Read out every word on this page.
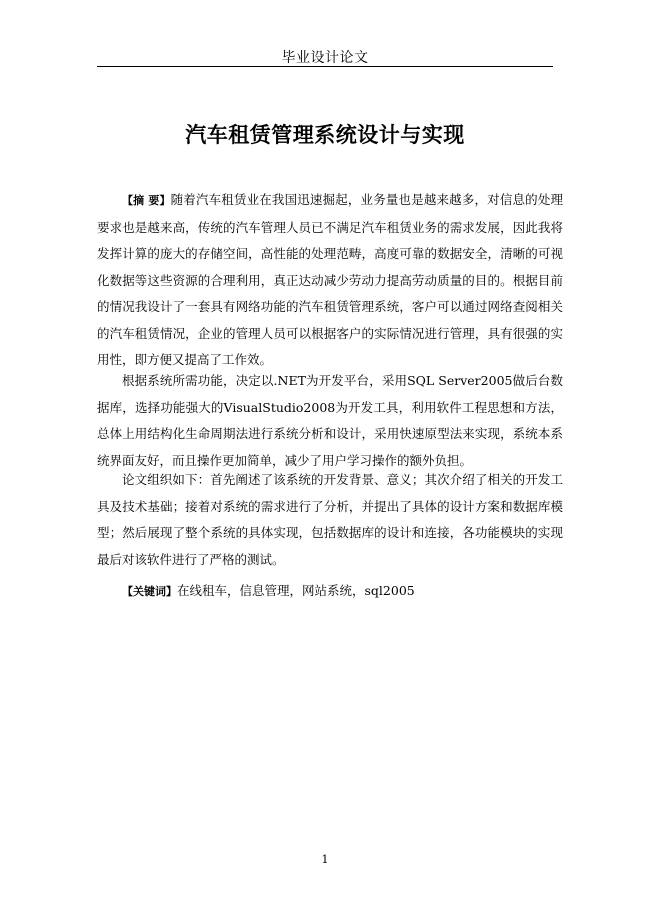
毕业设计论文
汽车租赁管理系统设计与实现
【摘 要】随着汽车租赁业在我国迅速掘起，业务量也是越来越多，对信息的处理要求也是越来高，传统的汽车管理人员已不满足汽车租赁业务的需求发展，因此我将发挥计算的庞大的存储空间，高性能的处理范畴，高度可靠的数据安全，清晰的可视化数据等这些资源的合理利用，真正达动减少劳动力提高劳动质量的目的。根据目前的情况我设计了一套具有网络功能的汽车租赁管理系统，客户可以通过网络查阅相关的汽车租赁情况，企业的管理人员可以根据客户的实际情况进行管理，具有很强的实用性，即方便又提高了工作效。
根据系统所需功能，决定以.NET为开发平台，采用SQL Server2005做后台数据库，选择功能强大的VisualStudio2008为开发工具，利用软件工程思想和方法，总体上用结构化生命周期法进行系统分析和设计，采用快速原型法来实现，系统本系统界面友好，而且操作更加简单，减少了用户学习操作的额外负担。
论文组织如下：首先阐述了该系统的开发背景、意义；其次介绍了相关的开发工具及技术基础；接着对系统的需求进行了分析，并提出了具体的设计方案和数据库模型；然后展现了整个系统的具体实现，包括数据库的设计和连接，各功能模块的实现 最后对该软件进行了严格的测试。
【关键词】在线租车，信息管理，网站系统，sql2005
1
